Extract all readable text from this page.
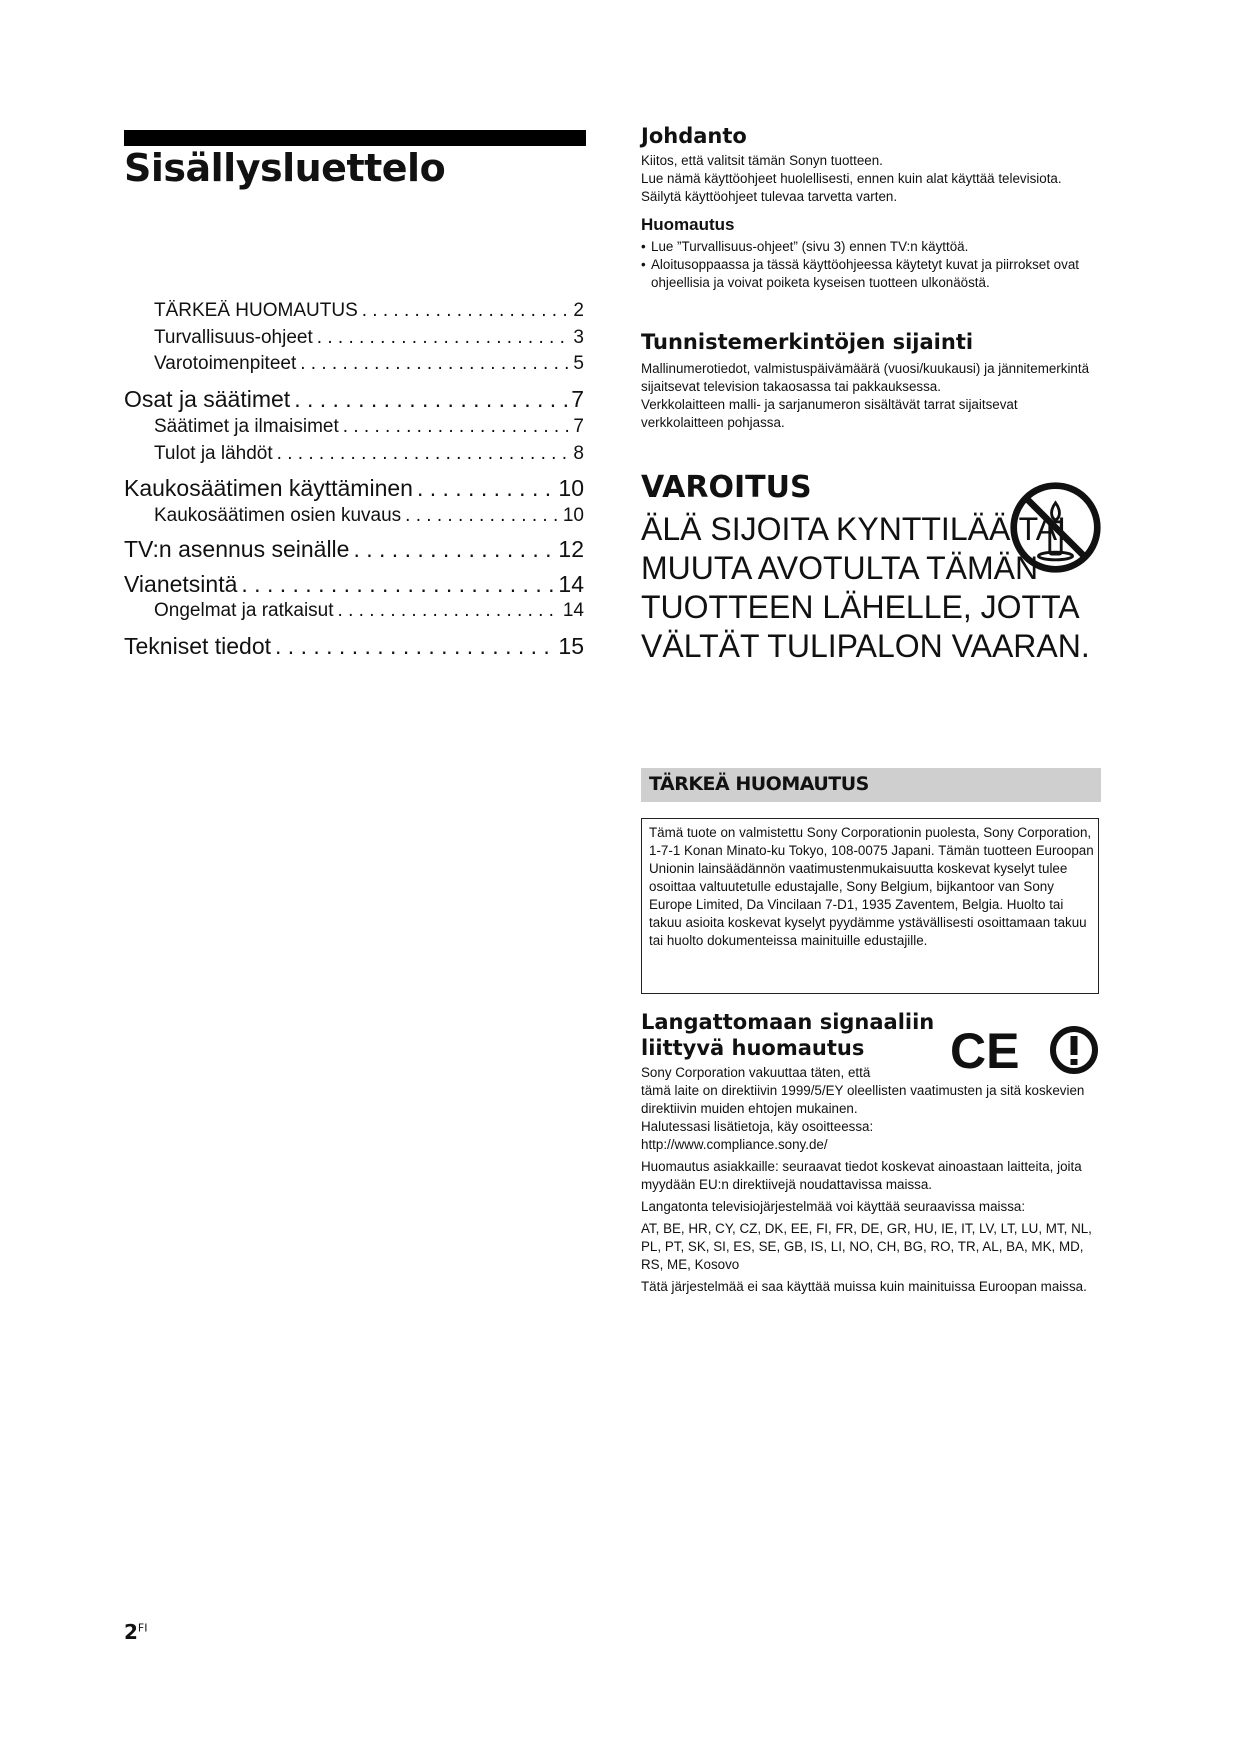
Sisällysluettelo
TÄRKEÄ HUOMAUTUS . . .	2
Turvallisuus-ohjeet . . .	3
Varotoimenpiteet . . .	5
Osat ja säätimet . . .	7
Säätimet ja ilmaisimet . . .	7
Tulot ja lähdöt . . .	8
Kaukosäätimen käyttäminen . . .	10
Kaukosäätimen osien kuvaus . . .	10
TV:n asennus seinälle . . .	12
Vianetsintä . . .	14
Ongelmat ja ratkaisut . . .	14
Tekniset tiedot . . .	15
Johdanto

Kiitos, että valitsit tämän Sonyn tuotteen.

Lue nämä käyttöohjeet huolellisesti, ennen kuin alat käyttää televisiota. Säilytä käyttöohjeet tulevaa tarvetta varten.

Huomautus

• Lue ”Turvallisuus-ohjeet” (sivu 3) ennen TV:n käyttöä.

• Aloitusoppaassa ja tässä käyttöohjeessa käytetyt kuvat ja piirrokset ovat ohjeellisia ja voivat poiketa kyseisen tuotteen ulkonäöstä.

Tunnistemerkintöjen sijainti

Mallinumerotiedot, valmistuspäivämäärä (vuosi/kuukausi) ja jännitemerkintä sijaitsevat television takaosassa tai pakkauksessa.

Verkkolaitteen malli- ja sarjanumeron sisältävät tarrat sijaitsevat verkkolaitteen pohjassa.

VAROITUS

ÄLÄ SIJOITA KYNTTILÄÄ TAI MUUTA AVOTULTA TÄMÄN TUOTTEEN LÄHELLE, JOTTA VÄLTÄT TULIPALON VAARAN.

TÄRKEÄ HUOMAUTUS

Tämä tuote on valmistettu Sony Corporationin puolesta, Sony Corporation, 1-7-1 Konan Minato-ku Tokyo, 108-0075 Japani. Tämän tuotteen Euroopan Unionin lainsäädännön vaatimustenmukaisuutta koskevat kyselyt tulee osoittaa valtuutetulle edustajalle, Sony Belgium, bijkantoor van Sony Europe Limited, Da Vincilaan 7-D1, 1935 Zaventem, Belgia. Huolto tai takuu asioita koskevat kyselyt pyydämme ystävällisesti osoittamaan takuu tai huolto dokumenteissa mainituille edustajille.

Langattomaan signaaliin
liittyvä huomautus

Sony Corporation vakuuttaa täten, että

tämä laite on direktiivin 1999/5/EY oleellisten vaatimusten ja sitä koskevien direktiivin muiden ehtojen mukainen.

Halutessasi lisätietoja, käy osoitteessa:

http://www.compliance.sony.de/

Huomautus asiakkaille: seuraavat tiedot koskevat ainoastaan laitteita, joita myydään EU:n direktiivejä noudattavissa maissa.

Langatonta televisiojärjestelmää voi käyttää seuraavissa maissa:

AT, BE, HR, CY, CZ, DK, EE, FI, FR, DE, GR, HU, IE, IT, LV, LT, LU, MT, NL, PL, PT, SK, SI, ES, SE, GB, IS, LI, NO, CH, BG, RO, TR, AL, BA, MK, MD, RS, ME, Kosovo

Tätä järjestelmää ei saa käyttää muissa kuin mainituissa Euroopan maissa.

CE
$2^{FI}$
